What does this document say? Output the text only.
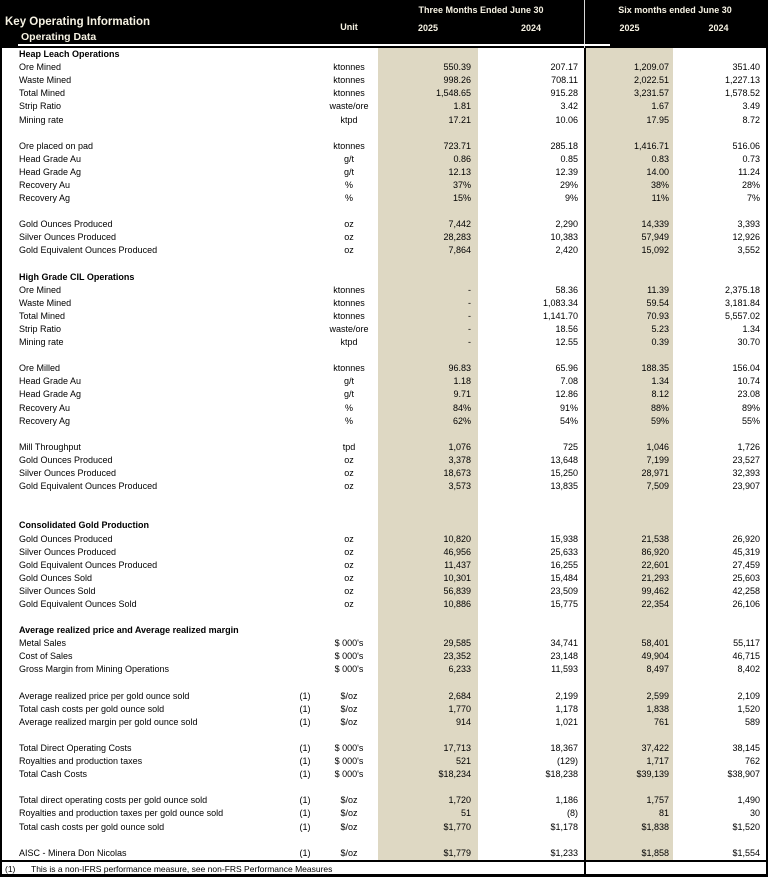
Key Operating Information
Operating Data
Unit
Three Months Ended June 30	Six months ended June 30
2025	2024	2025	2024
Heap Leach Operations
Ore Mined	ktonnes	550.39	207.17	1,209.07	351.40
Waste Mined	ktonnes	998.26	708.11	2,022.51	1,227.13
Total Mined	ktonnes	1,548.65	915.28	3,231.57	1,578.52
Strip Ratio	waste/ore	1.81	3.42	1.67	3.49
Mining rate	ktpd	17.21	10.06	17.95	8.72
Ore placed on pad	ktonnes	723.71	285.18	1,416.71	516.06
Head Grade Au	g/t	0.86	0.85	0.83	0.73
Head Grade Ag	g/t	12.13	12.39	14.00	11.24
Recovery Au	%	37%	29%	38%	28%
Recovery Ag	%	15%	9%	11%	7%
Gold Ounces Produced	oz	7,442	2,290	14,339	3,393
Silver Ounces Produced	oz	28,283	10,383	57,949	12,926
Gold Equivalent Ounces Produced	oz	7,864	2,420	15,092	3,552
High Grade CIL Operations
Ore Mined	ktonnes	-	58.36	11.39	2,375.18
Waste Mined	ktonnes	-	1,083.34	59.54	3,181.84
Total Mined	ktonnes	-	1,141.70	70.93	5,557.02
Strip Ratio	waste/ore	-	18.56	5.23	1.34
Mining rate	ktpd	-	12.55	0.39	30.70
Ore Milled	ktonnes	96.83	65.96	188.35	156.04
Head Grade Au	g/t	1.18	7.08	1.34	10.74
Head Grade Ag	g/t	9.71	12.86	8.12	23.08
Recovery Au	%	84%	91%	88%	89%
Recovery Ag	%	62%	54%	59%	55%
Mill Throughput	tpd	1,076	725	1,046	1,726
Gold Ounces Produced	oz	3,378	13,648	7,199	23,527
Silver Ounces Produced	oz	18,673	15,250	28,971	32,393
Gold Equivalent Ounces Produced	oz	3,573	13,835	7,509	23,907
Consolidated Gold Production
Gold Ounces Produced	oz	10,820	15,938	21,538	26,920
Silver Ounces Produced	oz	46,956	25,633	86,920	45,319
Gold Equivalent Ounces Produced	oz	11,437	16,255	22,601	27,459
Gold Ounces Sold	oz	10,301	15,484	21,293	25,603
Silver Ounces Sold	oz	56,839	23,509	99,462	42,258
Gold Equivalent Ounces Sold	oz	10,886	15,775	22,354	26,106
Average realized price and Average realized margin
Metal Sales	$ 000's	29,585	34,741	58,401	55,117
Cost of Sales	$ 000's	23,352	23,148	49,904	46,715
Gross Margin from Mining Operations	$ 000's	6,233	11,593	8,497	8,402
Average realized price per gold ounce sold	(1)	$/oz	2,684	2,199	2,599	2,109
Total cash costs per gold ounce sold	(1)	$/oz	1,770	1,178	1,838	1,520
Average realized margin per gold ounce sold	(1)	$/oz	914	1,021	761	589
Total Direct Operating Costs	(1)	$ 000's	17,713	18,367	37,422	38,145
Royalties and production taxes	(1)	$ 000's	521	(129)	1,717	762
Total Cash Costs	(1)	$ 000's	$18,234	$18,238	$39,139	$38,907
Total direct operating costs per gold ounce sold	(1)	$/oz	1,720	1,186	1,757	1,490
Royalties and production taxes per gold ounce sold	(1)	$/oz	51	(8)	81	30
Total cash costs per gold ounce sold	(1)	$/oz	$1,770	$1,178	$1,838	$1,520
AISC - Minera Don Nicolas	(1)	$/oz	$1,779	$1,233	$1,858	$1,554
(1) This is a non-IFRS performance measure, see non-FRS Performance Measures
